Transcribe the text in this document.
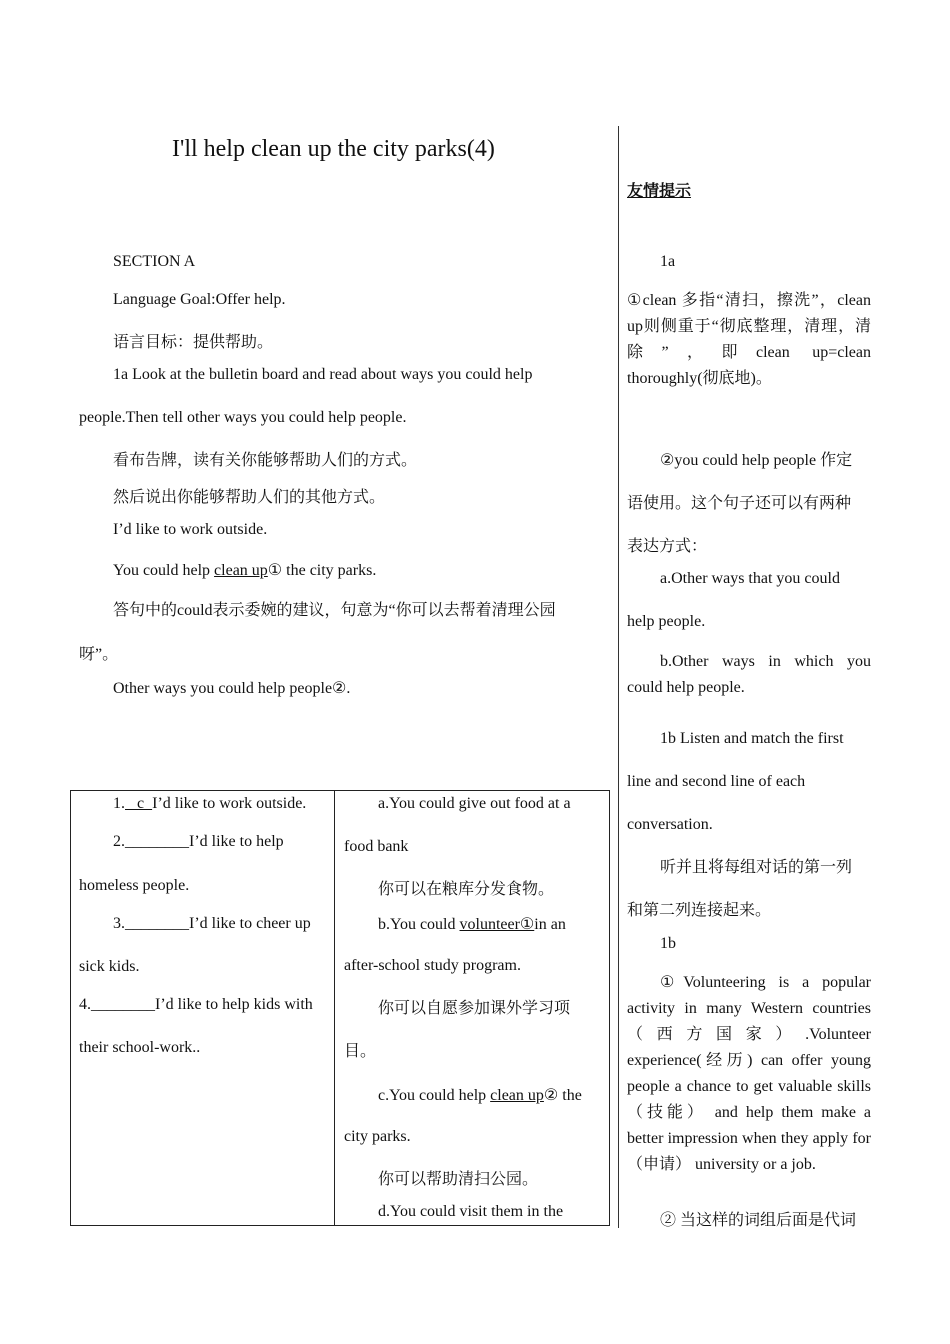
I'll help clean up the city parks(4)
SECTION A
Language Goal:Offer help.
语言目标：提供帮助。
1a Look at the bulletin board and read about ways you could help
people.Then tell other ways you could help people.
看布告牌，读有关你能够帮助人们的方式。
然后说出你能够帮助人们的其他方式。
I’d like to work outside.
You could help clean up① the city parks.
答句中的could表示委婉的建议，句意为“你可以去帮着清理公园
呀”。
Other ways you could help people②.
1.   c  I’d like to work outside.
2.________I’d like to help
homeless people.
3.________I’d like to cheer up
sick kids.
4.________I’d like to help kids with
their school-work..
a.You could give out food at a
food bank
你可以在粮库分发食物。
b.You could volunteer①in an
after-school study program.
你可以自愿参加课外学习项
目。
c.You could help clean up② the
city parks.
你可以帮助清扫公园。
d.You could visit them in the
友情提示
1a
①clean 多指“清扫，擦洗”，clean up则侧重于“彻底整理，清理，清除”，即clean up=clean thoroughly(彻底地)。
②you could help people 作定
语使用。这个句子还可以有两种
表达方式：
a.Other ways that you could
help people.
b.Other ways in which you could help people.
1b Listen and match the first
line and second line of each
conversation.
听并且将每组对话的第一列
和第二列连接起来。
1b
①Volunteering is a popular activity in many Western countries（西方国家）.Volunteer experience(经历) can offer young people a chance to get valuable skills（技能） and help them make a better impression when they apply for（申请） university or a job.
② 当这样的词组后面是代词
